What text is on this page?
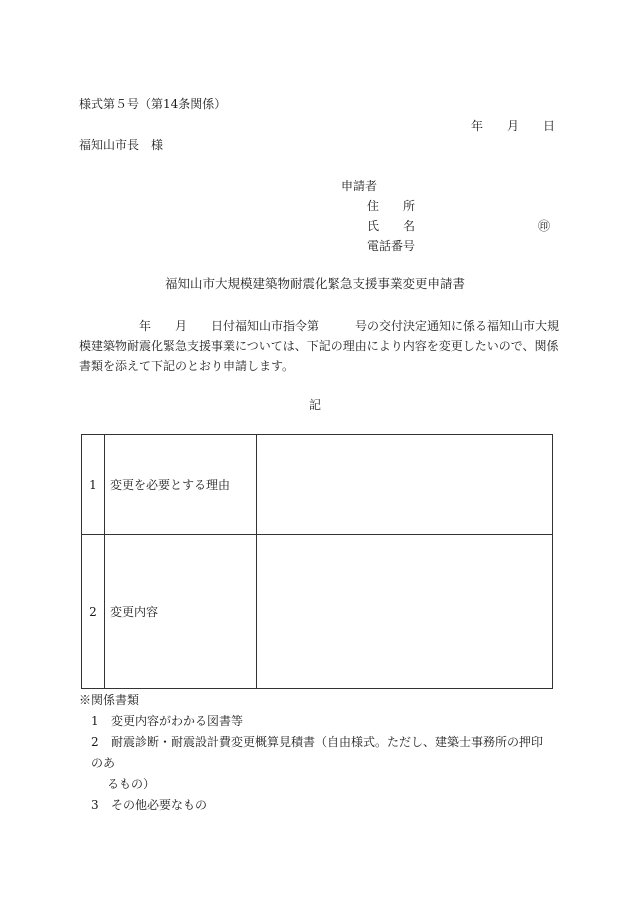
様式第５号（第14条関係）
年 月 日
福知山市長　様
申請者
住　　所
氏　　名	㊞
電話番号
福知山市大規模建築物耐震化緊急支援事業変更申請書
　　　　　年　　月　　日付福知山市指令第　　　号の交付決定通知に係る福知山市大規
模建築物耐震化緊急支援事業については、下記の理由により内容を変更したいので、関係
書類を添えて下記のとおり申請します。
記
1	変更を必要とする理由	
2	変更内容	
※関係書類
1 変更内容がわかる図書等
2 耐震診断・耐震設計費変更概算見積書（自由様式。ただし、建築士事務所の押印のあ
るもの）
3 その他必要なもの
